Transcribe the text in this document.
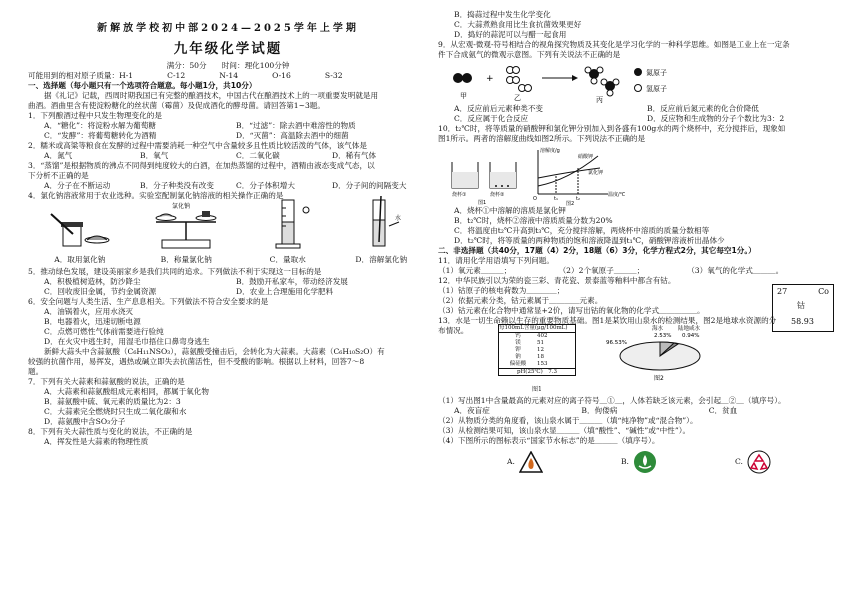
新解放学校初中部2024—2025学年上学期
九年级化学试题
满分：50分　　时间：理化100分钟
可能用到的相对原子质量：H-1	C-12	N-14	O-16	S-32
一、选择题（每小题只有一个选项符合题意。每小题1分，共10分）
据《礼记》记载，西周时期我国已有完整的酿酒技术，中国古代在酿酒技术上的一项重要发明就是用
曲酒。酒曲里含有使淀粉糖化的丝状菌（霉菌）及促成酒化的酵母菌。请回答第1~3题。
1．下列酿酒过程中只发生物理变化的是
A．“糖化”：将淀粉水解为葡萄糖	B．“过滤”：除去酒中难溶性的物质
C．“发酵”：将葡萄糖转化为酒精	D．“灭菌”：高温除去酒中的细菌
2．糯米或高粱等粮食在发酵的过程中需要消耗一种空气中含量较多且性质比较活泼的气体，该气体是
A．氮气	B．氧气	C．二氧化碳	D．稀有气体
3．“蒸馏”是根据物质的沸点不同得到纯度较大的白酒，在加热蒸馏的过程中，酒精由液态变成气态，以
下分析不正确的是
A．分子在不断运动	B．分子种类没有改变	C．分子体积增大	D．分子间的间隔变大
4．氯化钠溶液常用于农业选种。实验室配制氯化钠溶液的相关操作正确的是
A．取用氯化钠
氯化钠
B．称量氯化钠	C．量取水
水
D．溶解氯化钠
5．推动绿色发展，建设美丽家乡是我们共同的追求。下列做法不利于实现这一目标的是
A．积极植树造林，防沙降尘	B．鼓励开私家车，带动经济发展
C．回收废旧金属，节约金属资源	D．农业上合理施用化学肥料
6．安全问题与人类生活、生产息息相关。下列做法不符合安全要求的是
A．油锅着火，应用水浇灭
B．电器着火，迅速切断电源
C．点燃可燃性气体前需要进行验纯
D．在火灾中逃生时，用湿毛巾捂住口鼻弯身逃生
新鲜大蒜头中含蒜氨酸（C₆H₁₁NSO₃），蒜氨酸受撞击后，会转化为大蒜素。大蒜素（C₆H₁₀S₂O）有
较强的抗菌作用，易挥发，遇热或碱立即失去抗菌活性，但不受酸的影响。根据以上材料，回答7～8
题。
7．下列有关大蒜素和蒜氨酸的说法，正确的是
A．大蒜素和蒜氨酸组成元素相同，都属于氧化物
B．蒜氨酸中硫、氧元素的质量比为2：3
C．大蒜素完全燃烧时只生成二氧化碳和水
D．蒜氨酸中含SO₃分子
8．下列有关大蒜性质与变化的说法，不正确的是
A．挥发性是大蒜素的物理性质
B．捣蒜过程中发生化学变化
C．大蒜煮熟食用比生食抗菌效果更好
D．捣好的蒜泥可以与醋一起食用
9．从宏观-微观-符号相结合的视角探究物质及其变化是学习化学的一种科学思维。如图是工业上在一定条
件下合成氨气的微观示意图。下列有关说法不正确的是
甲
+
乙	丙
氮原子
氢原子
A．反应前后元素种类不变	B．反应前后氮元素的化合价降低
C．反应属于化合反应	D．反应物和生成物的分子个数比为3：2
10．t₂℃时，将等质量的硝酸钾和氯化钾分别加入到各盛有100g水的两个烧杯中，充分搅拌后，现象如
图1所示。两者的溶解度曲线如图2所示。下列说法不正确的是
烧杯①	烧杯②
图1
溶解度/g
温度/℃
O
硝酸钾
氯化钾
t₁	t₂
图2
A．烧杯①中溶解的溶质是氯化钾
B．t₂℃时，烧杯②溶液中溶质质量分数为20%
C．将温度由t₂℃升高到t₃℃，充分搅拌溶解，两烧杯中溶质的质量分数相等
D．t₂℃时，将等质量的两种物质的饱和溶液降温到t₁℃，硝酸钾溶液析出晶体少
二、非选择题（共40分，17题（4）2分，18题（6）3分，化学方程式2分，其它每空1分。）
11．请用化学用语填写下列问题。
（1）氧元素＿＿＿；	（2）2个氧原子＿＿＿；	（3）氧气的化学式＿＿＿。
12．中华民族引以为荣的瓷三彩、青花瓷、景泰蓝等釉料中都含有钴。
（1）钴原子的核电荷数为＿＿＿＿；
（2）依据元素分类，钴元素属于＿＿＿＿元素。
（3）钴元素在化合物中通常显+2价，请写出钴的氧化物的化学式＿＿＿＿＿。
27	Co
钴
58.93
13．水是一切生命赖以生存的重要物质基础。图1是某饮用山泉水的检测结果，图2是地球水资源的分
布情况。	每100mL含量(μg/100mL)
钙	402
镁	51
钾	12
钠	18
偏硅酸	153
pH(25℃)　7.3
图1
海水	陆地咸水
2.53% 0.94%
96.53%
图2
（1）写出图1中含量最高的元素对应的离子符号＿①＿，人体若缺乏该元素，会引起＿②＿（填序号）。
A．夜盲症	B．佝偻病	C．贫血
（2）从物质分类的角度看，该山泉水属于＿＿＿（填“纯净物”或“混合物”）。
（3）从检测结果可知，该山泉水显＿＿＿（填“酸性”、“碱性”或“中性”）。
（4）下图所示的图标表示“国家节水标志”的是＿＿＿（填序号）。
A.	B.	C.
